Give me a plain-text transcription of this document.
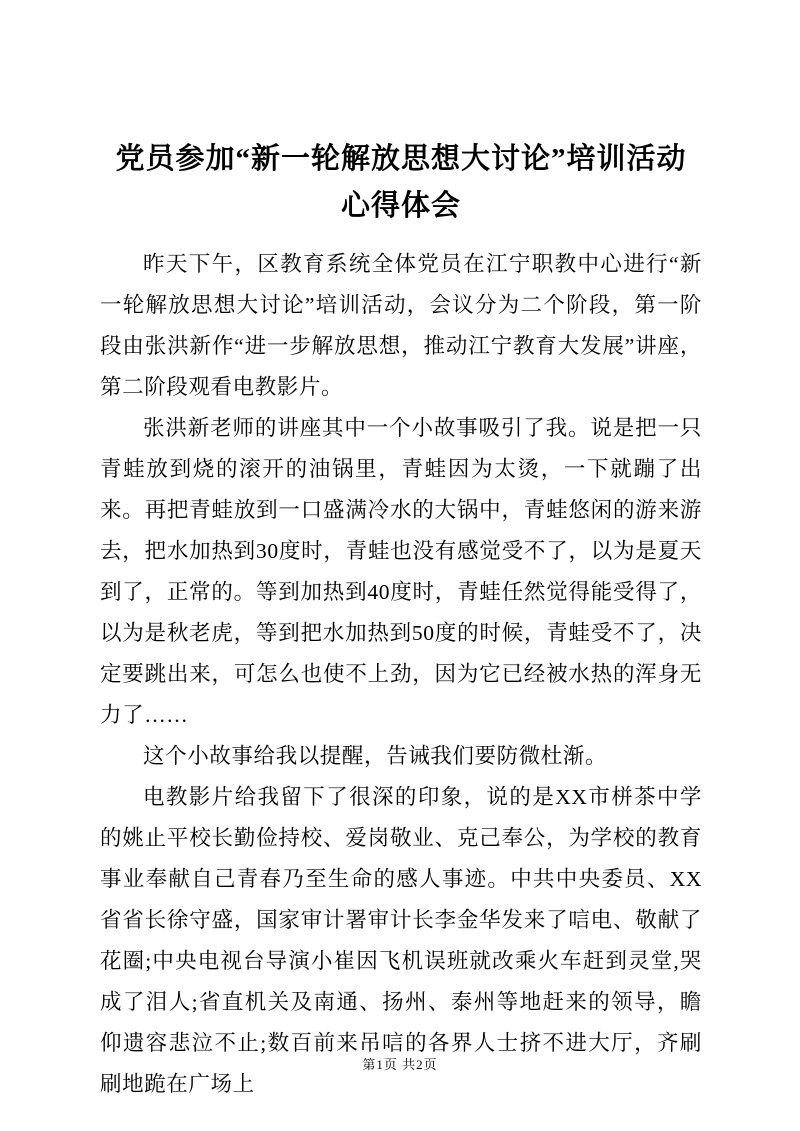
党员参加“新一轮解放思想大讨论”培训活动
心得体会

昨天下午，区教育系统全体党员在江宁职教中心进行“新一轮解放思想大讨论”培训活动，会议分为二个阶段，第一阶段由张洪新作“进一步解放思想，推动江宁教育大发展”讲座，第二阶段观看电教影片。

张洪新老师的讲座其中一个小故事吸引了我。说是把一只青蛙放到烧的滚开的油锅里，青蛙因为太烫，一下就蹦了出来。再把青蛙放到一口盛满冷水的大锅中，青蛙悠闲的游来游去，把水加热到30度时，青蛙也没有感觉受不了，以为是夏天到了，正常的。等到加热到40度时，青蛙任然觉得能受得了，以为是秋老虎，等到把水加热到50度的时候，青蛙受不了，决定要跳出来，可怎么也使不上劲，因为它已经被水热的浑身无力了……

这个小故事给我以提醒，告诫我们要防微杜渐。

电教影片给我留下了很深的印象，说的是XX市栟茶中学的姚止平校长勤俭持校、爱岗敬业、克己奉公，为学校的教育事业奉献自己青春乃至生命的感人事迹。中共中央委员、XX省省长徐守盛，国家审计署审计长李金华发来了唁电、敬献了花圈;中央电视台导演小崔因飞机误班就改乘火车赶到灵堂,哭成了泪人;省直机关及南通、扬州、泰州等地赶来的领导，瞻仰遗容悲泣不止;数百前来吊唁的各界人士挤不进大厅，齐刷刷地跪在广场上

第1页 共2页
